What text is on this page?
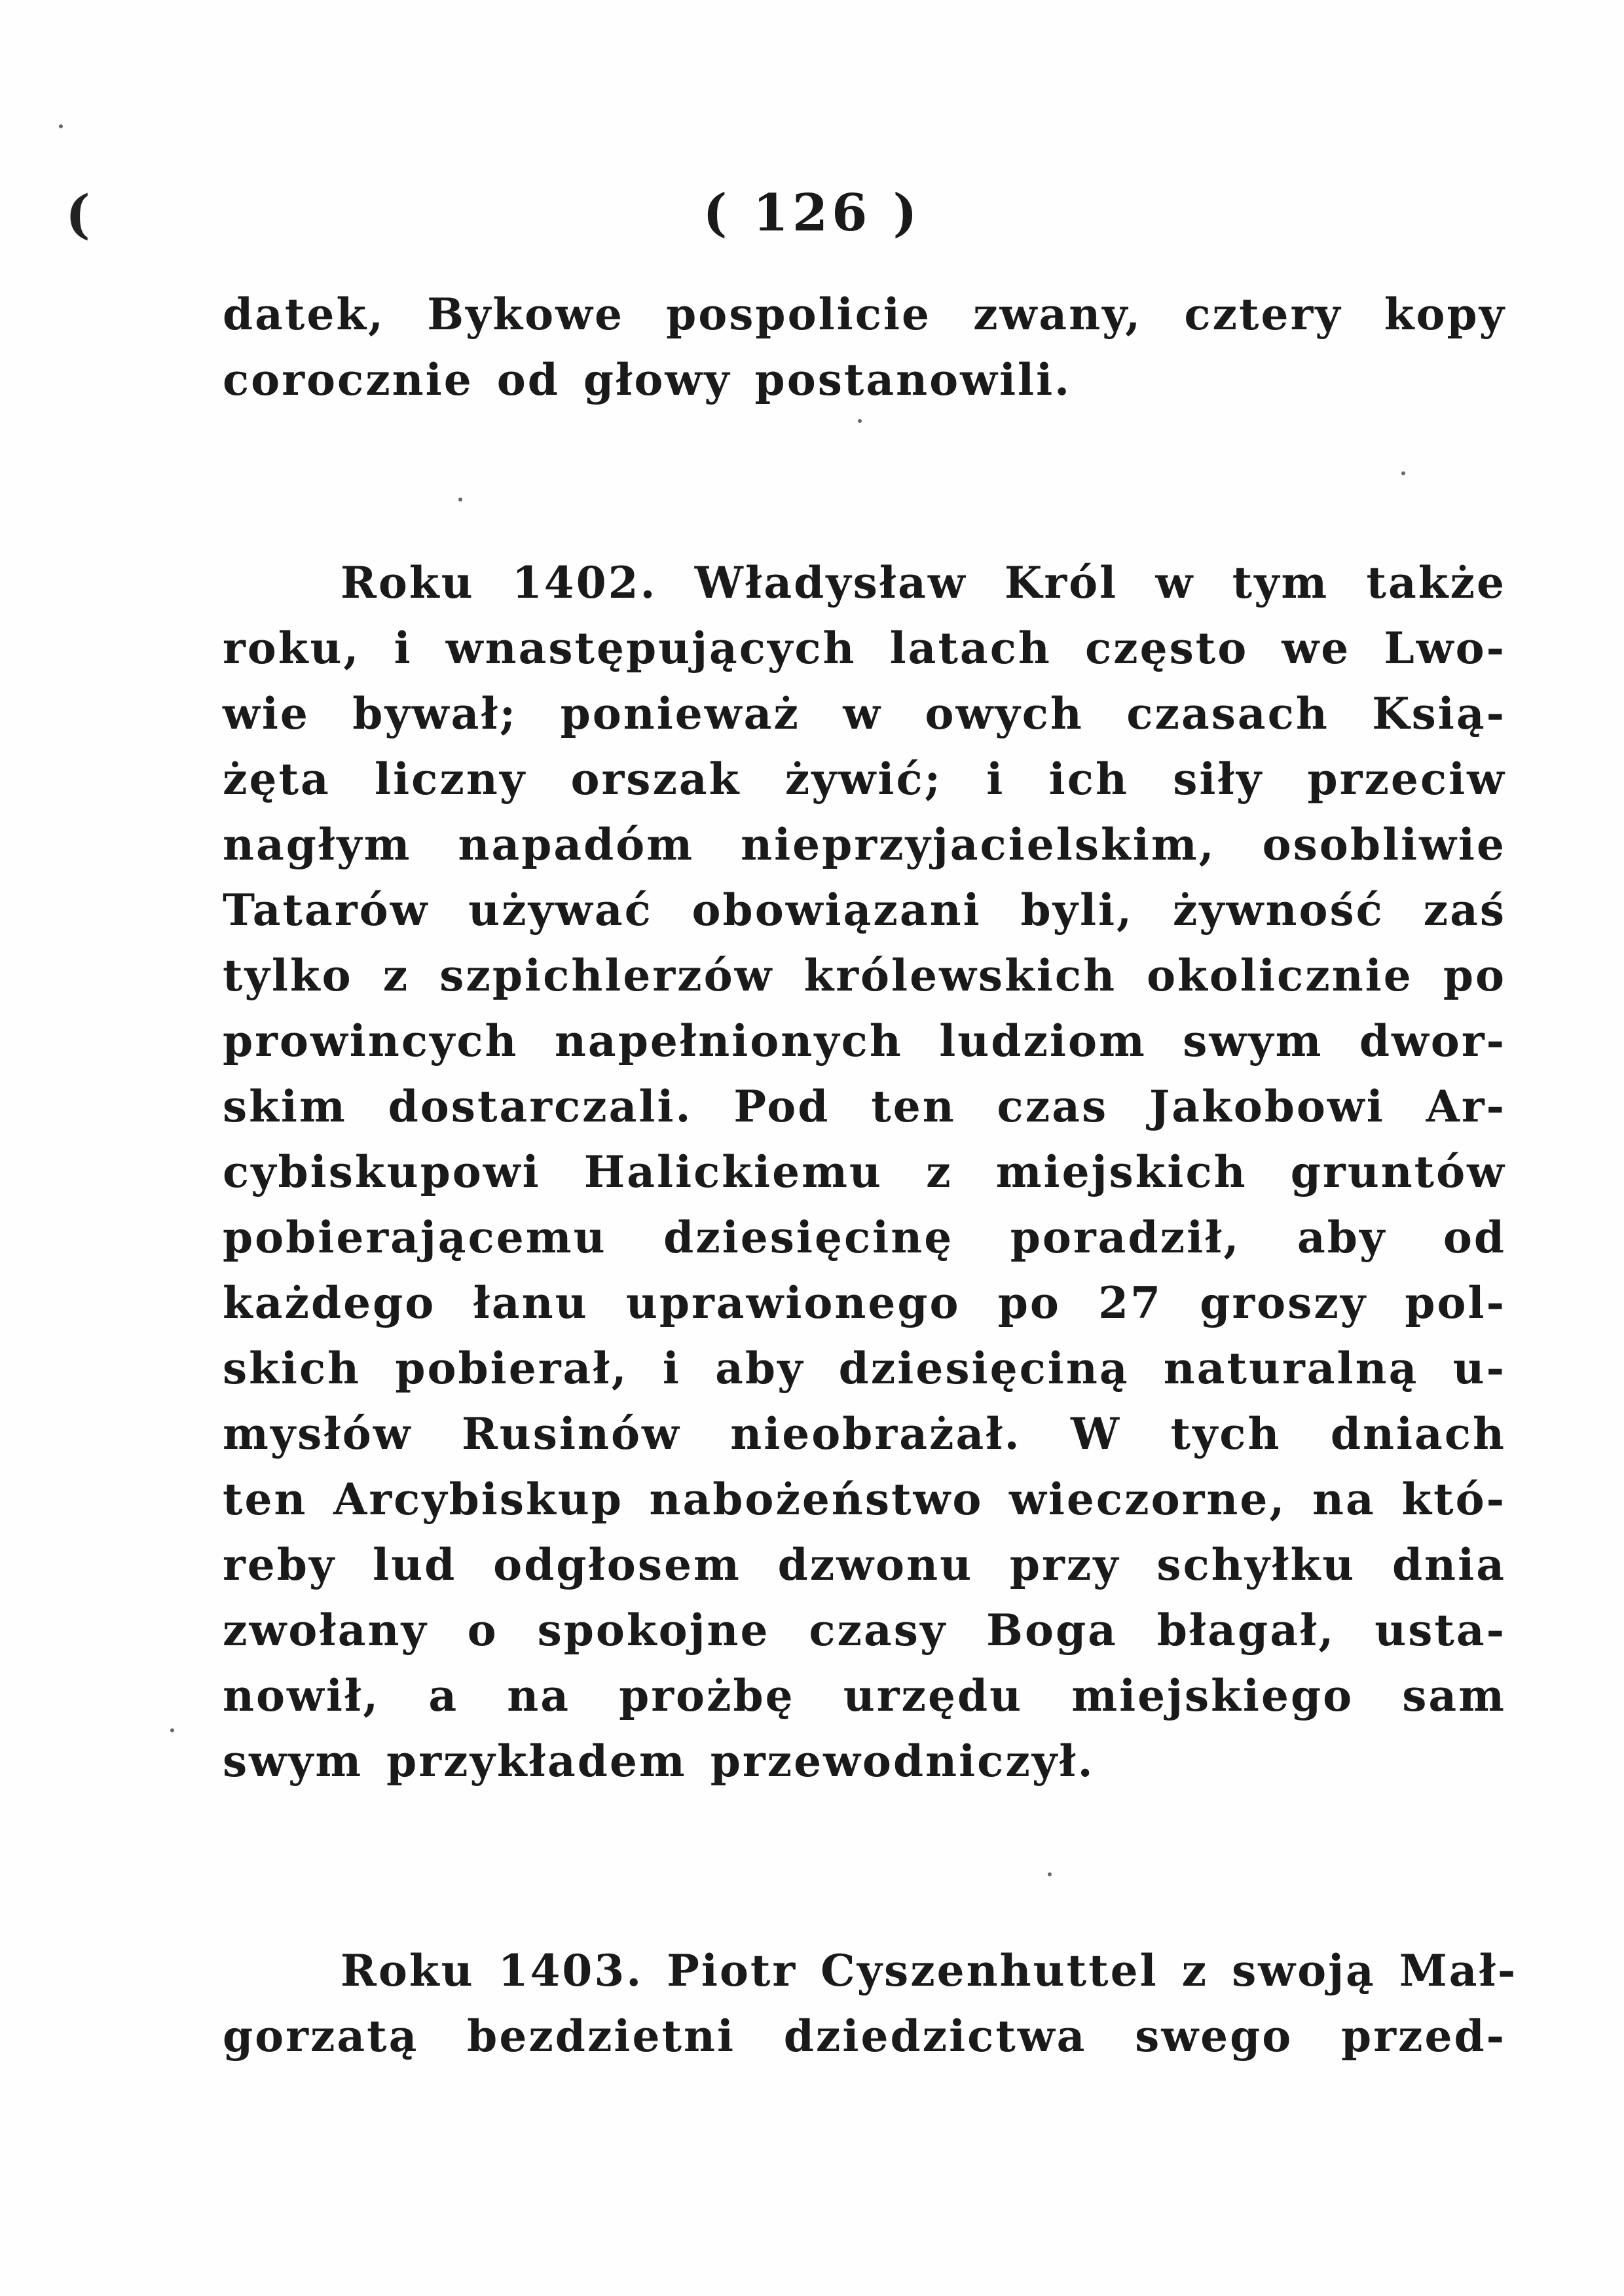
(	( 126 )
datek, Bykowe pospolicie zwany, cztery kopy
corocznie od głowy postanowili.
Roku 1402. Władysław Król w tym także
roku, i wnastępujących latach często we Lwo-
wie bywał; ponieważ w owych czasach Ksią-
żęta liczny orszak żywić; i ich siły przeciw
nagłym napadóm nieprzyjacielskim, osobliwie
Tatarów używać obowiązani byli, żywność zaś
tylko z szpichlerzów królewskich okolicznie po
prowincych napełnionych ludziom swym dwor-
skim dostarczali. Pod ten czas Jakobowi Ar-
cybiskupowi Halickiemu z miejskich gruntów
pobierającemu dziesięcinę poradził, aby od
każdego łanu uprawionego po 27 groszy pol-
skich pobierał, i aby dziesięciną naturalną u-
mysłów Rusinów nieobrażał. W tych dniach
ten Arcybiskup nabożeństwo wieczorne, na któ-
reby lud odgłosem dzwonu przy schyłku dnia
zwołany o spokojne czasy Boga błagał, usta-
nowił, a na prożbę urzędu miejskiego sam
swym przykładem przewodniczył.
Roku 1403. Piotr Cyszenhuttel z swoją Mał-
gorzatą bezdzietni dziedzictwa swego przed-
